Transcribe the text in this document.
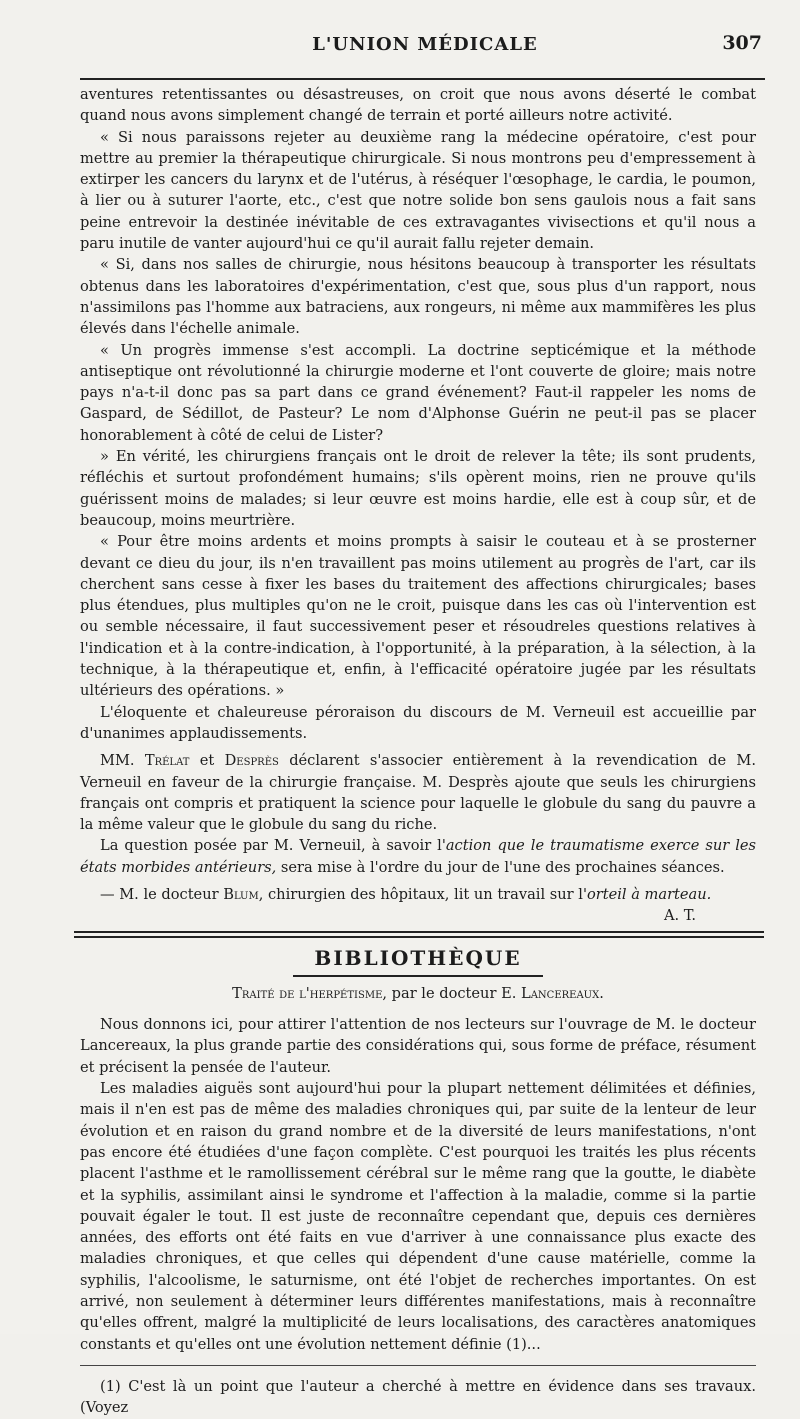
L'UNION MÉDICALE	307

aventures retentissantes ou désastreuses, on croit que nous avons déserté le combat quand nous avons simplement changé de terrain et porté ailleurs notre activité.

« Si nous paraissons rejeter au deuxième rang la médecine opératoire, c'est pour mettre au premier la thérapeutique chirurgicale. Si nous montrons peu d'empressement à extirper les cancers du larynx et de l'utérus, à réséquer l'œsophage, le cardia, le poumon, à lier ou à suturer l'aorte, etc., c'est que notre solide bon sens gaulois nous a fait sans peine entrevoir la destinée inévitable de ces extravagantes vivisections et qu'il nous a paru inutile de vanter aujourd'hui ce qu'il aurait fallu rejeter demain.

« Si, dans nos salles de chirurgie, nous hésitons beaucoup à transporter les résultats obtenus dans les laboratoires d'expérimentation, c'est que, sous plus d'un rapport, nous n'assimilons pas l'homme aux batraciens, aux rongeurs, ni même aux mammifères les plus élevés dans l'échelle animale.

« Un progrès immense s'est accompli. La doctrine septicémique et la méthode antiseptique ont révolutionné la chirurgie moderne et l'ont couverte de gloire; mais notre pays n'a-t-il donc pas sa part dans ce grand événement? Faut-il rappeler les noms de Gaspard, de Sédillot, de Pasteur? Le nom d'Alphonse Guérin ne peut-il pas se placer honorablement à côté de celui de Lister?

» En vérité, les chirurgiens français ont le droit de relever la tête; ils sont prudents, réfléchis et surtout profondément humains; s'ils opèrent moins, rien ne prouve qu'ils guérissent moins de malades; si leur œuvre est moins hardie, elle est à coup sûr, et de beaucoup, moins meurtrière.

« Pour être moins ardents et moins prompts à saisir le couteau et à se prosterner devant ce dieu du jour, ils n'en travaillent pas moins utilement au progrès de l'art, car ils cherchent sans cesse à fixer les bases du traitement des affections chirurgicales; bases plus étendues, plus multiples qu'on ne le croit, puisque dans les cas où l'intervention est ou semble nécessaire, il faut successivement peser et résoudreles questions relatives à l'indication et à la contre-indication, à l'opportunité, à la préparation, à la sélection, à la technique, à la thérapeutique et, enfin, à l'efficacité opératoire jugée par les résultats ultérieurs des opérations. »

L'éloquente et chaleureuse péroraison du discours de M. Verneuil est accueillie par d'unanimes applaudissements.

MM. Trélat et Desprès déclarent s'associer entièrement à la revendication de M. Verneuil en faveur de la chirurgie française. M. Desprès ajoute que seuls les chirurgiens français ont compris et pratiquent la science pour laquelle le globule du sang du pauvre a la même valeur que le globule du sang du riche.

La question posée par M. Verneuil, à savoir l'action que le traumatisme exerce sur les états morbides antérieurs, sera mise à l'ordre du jour de l'une des prochaines séances.

— M. le docteur Blum, chirurgien des hôpitaux, lit un travail sur l'orteil à marteau.

A. T.
BIBLIOTHÈQUE
Traité de l'herpétisme, par le docteur E. Lancereaux.

Nous donnons ici, pour attirer l'attention de nos lecteurs sur l'ouvrage de M. le docteur Lancereaux, la plus grande partie des considérations qui, sous forme de préface, résument et précisent la pensée de l'auteur.

Les maladies aiguës sont aujourd'hui pour la plupart nettement délimitées et définies, mais il n'en est pas de même des maladies chroniques qui, par suite de la lenteur de leur évolution et en raison du grand nombre et de la diversité de leurs manifestations, n'ont pas encore été étudiées d'une façon complète. C'est pourquoi les traités les plus récents placent l'asthme et le ramollissement cérébral sur le même rang que la goutte, le diabète et la syphilis, assimilant ainsi le syndrome et l'affection à la maladie, comme si la partie pouvait égaler le tout. Il est juste de reconnaître cependant que, depuis ces dernières années, des efforts ont été faits en vue d'arriver à une connaissance plus exacte des maladies chroniques, et que celles qui dépendent d'une cause matérielle, comme la syphilis, l'alcoolisme, le saturnisme, ont été l'objet de recherches importantes. On est arrivé, non seulement à déterminer leurs différentes manifestations, mais à reconnaître qu'elles offrent, malgré la multiplicité de leurs localisations, des caractères anatomiques constants et qu'elles ont une évolution nettement définie (1)...

(1) C'est là un point que l'auteur a cherché à mettre en évidence dans ses travaux. (Voyez
